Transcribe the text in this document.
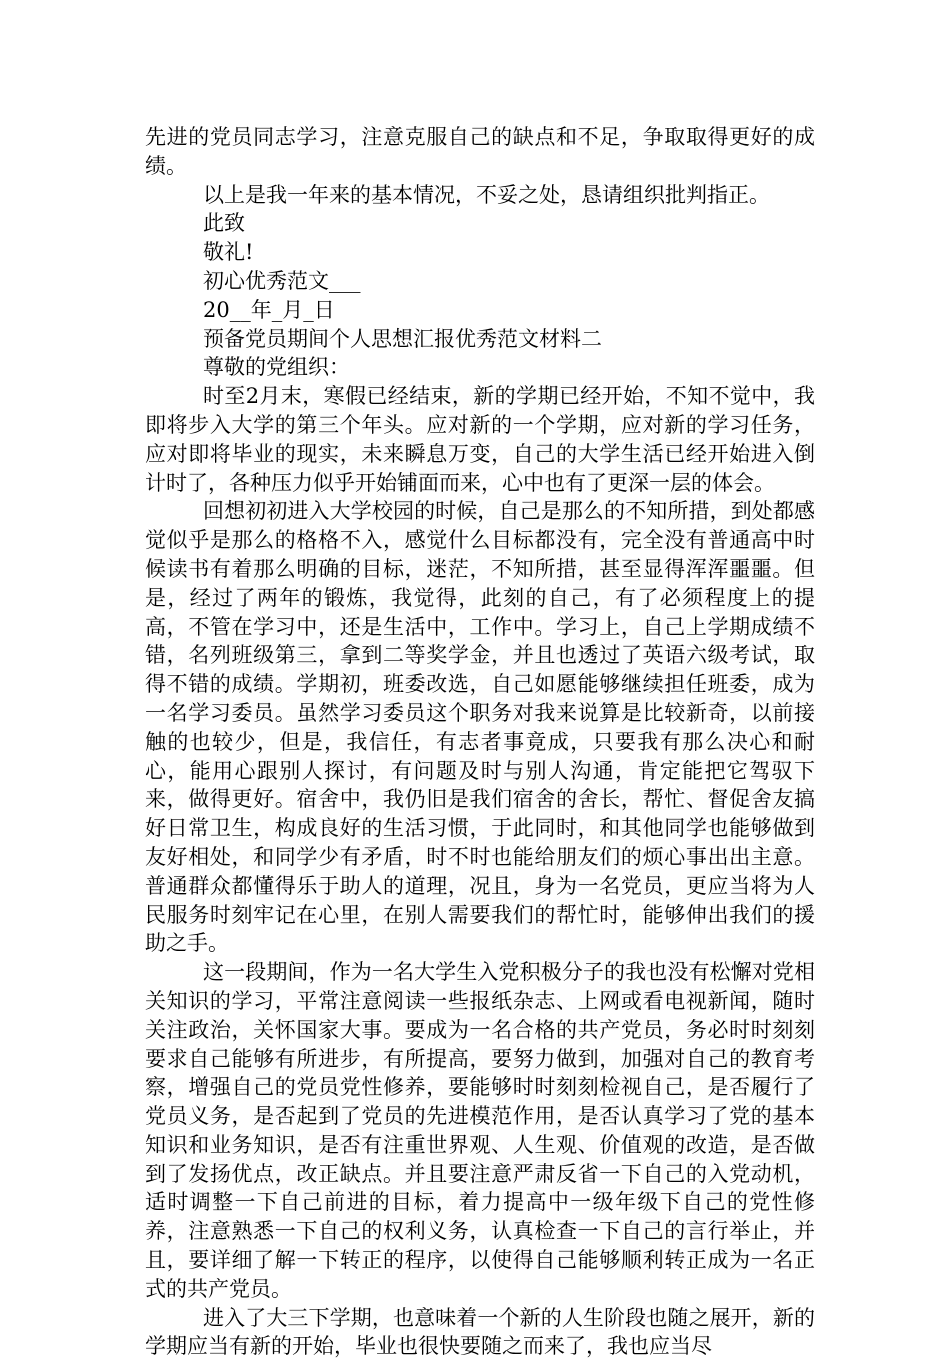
先进的党员同志学习，注意克服自己的缺点和不足，争取取得更好的成绩。

以上是我一年来的基本情况，不妥之处，恳请组织批判指正。

此致

敬礼!

初心优秀范文___

20__年_月_日

预备党员期间个人思想汇报优秀范文材料二

尊敬的党组织：

时至2月末，寒假已经结束，新的学期已经开始，不知不觉中，我即将步入大学的第三个年头。应对新的一个学期，应对新的学习任务，应对即将毕业的现实，未来瞬息万变，自己的大学生活已经开始进入倒计时了，各种压力似乎开始铺面而来，心中也有了更深一层的体会。

回想初初进入大学校园的时候，自己是那么的不知所措，到处都感觉似乎是那么的格格不入，感觉什么目标都没有，完全没有普通高中时候读书有着那么明确的目标，迷茫，不知所措，甚至显得浑浑噩噩。但是，经过了两年的锻炼，我觉得，此刻的自己，有了必须程度上的提高，不管在学习中，还是生活中，工作中。学习上，自己上学期成绩不错，名列班级第三，拿到二等奖学金，并且也透过了英语六级考试，取得不错的成绩。学期初，班委改选，自己如愿能够继续担任班委，成为一名学习委员。虽然学习委员这个职务对我来说算是比较新奇，以前接触的也较少，但是，我信任，有志者事竟成，只要我有那么决心和耐心，能用心跟别人探讨，有问题及时与别人沟通，肯定能把它驾驭下来，做得更好。宿舍中，我仍旧是我们宿舍的舍长，帮忙、督促舍友搞好日常卫生，构成良好的生活习惯，于此同时，和其他同学也能够做到友好相处，和同学少有矛盾，时不时也能给朋友们的烦心事出出主意。普通群众都懂得乐于助人的道理，况且，身为一名党员，更应当将为人民服务时刻牢记在心里，在别人需要我们的帮忙时，能够伸出我们的援助之手。

这一段期间，作为一名大学生入党积极分子的我也没有松懈对党相关知识的学习，平常注意阅读一些报纸杂志、上网或看电视新闻，随时关注政治，关怀国家大事。要成为一名合格的共产党员，务必时时刻刻要求自己能够有所进步，有所提高，要努力做到，加强对自己的教育考察，增强自己的党员党性修养，要能够时时刻刻检视自己，是否履行了党员义务，是否起到了党员的先进模范作用，是否认真学习了党的基本知识和业务知识，是否有注重世界观、人生观、价值观的改造，是否做到了发扬优点，改正缺点。并且要注意严肃反省一下自己的入党动机，适时调整一下自己前进的目标，着力提高中一级年级下自己的党性修养，注意熟悉一下自己的权利义务，认真检查一下自己的言行举止，并且，要详细了解一下转正的程序，以使得自己能够顺利转正成为一名正式的共产党员。

进入了大三下学期，也意味着一个新的人生阶段也随之展开，新的学期应当有新的开始，毕业也很快要随之而来了，我也应当尽
